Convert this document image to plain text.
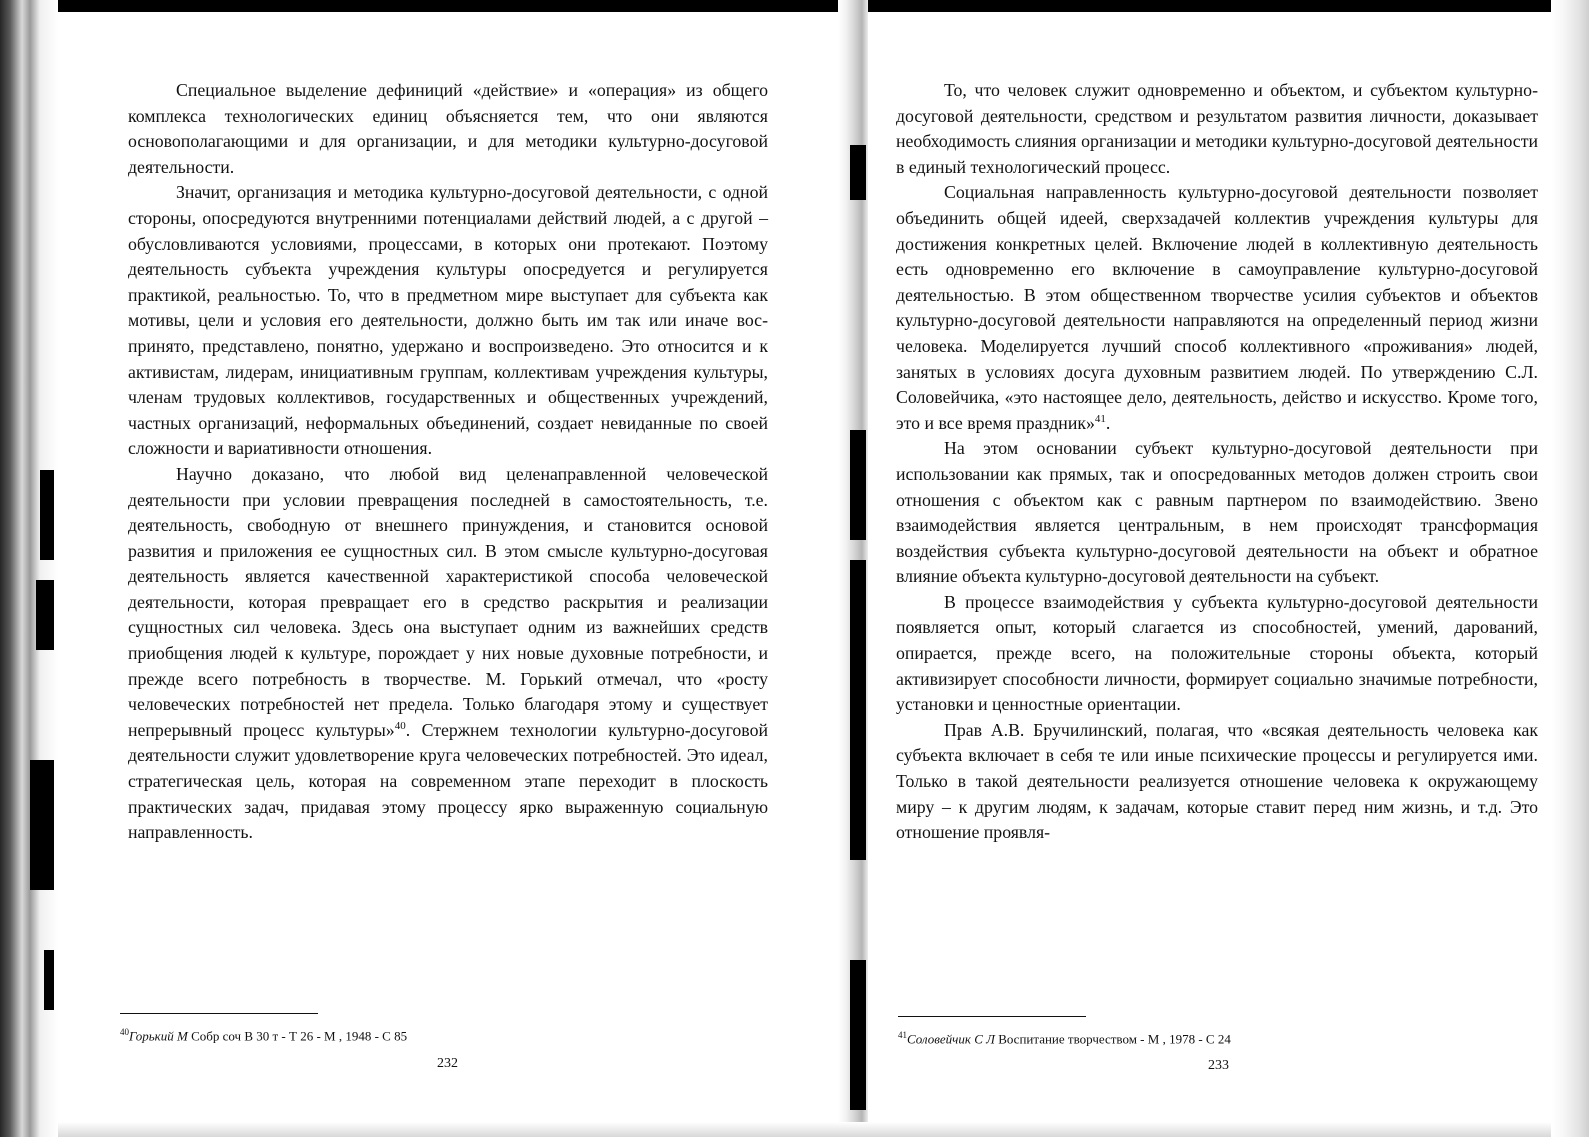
Специальное выделение дефиниций «действие» и «операция» из общего комплекса технологических единиц объясняется тем, что они являются основополагающими и для организации, и для методики культурно-досуговой деятельности.

Значит, организация и методика культурно-досуговой деятельности, с одной стороны, опосредуются внутренними потенциалами действий людей, а с другой – обусловливаются условиями, процессами, в которых они протекают. Поэтому деятельность субъекта учреждения культуры опосредуется и регулируется практикой, реальностью. То, что в предметном мире выступает для субъекта как мотивы, цели и условия его деятельности, должно быть им так или иначе воспринято, представлено, понятно, удержано и воспроизведено. Это относится и к активистам, лидерам, инициативным группам, коллективам учреждения культуры, членам трудовых коллективов, государственных и общественных учреждений, частных организаций, неформальных объединений, создает невиданные по своей сложности и вариативности отношения.

Научно доказано, что любой вид целенаправленной человеческой деятельности при условии превращения последней в самостоятельность, т.е. деятельность, свободную от внешнего принуждения, и становится основой развития и приложения ее сущностных сил. В этом смысле культурно-досуговая деятельность является качественной характеристикой способа человеческой деятельности, которая превращает его в средство раскрытия и реализации сущностных сил человека. Здесь она выступает одним из важнейших средств приобщения людей к культуре, порождает у них новые духовные потребности, и прежде всего потребность в творчестве. М. Горький отмечал, что «росту человеческих потребностей нет предела. Только благодаря этому и существует непрерывный процесс культуры»$^{40}$. Стержнем технологии культурно-досуговой деятельности служит удовлетворение круга человеческих потребностей. Это идеал, стратегическая цель, которая на современном этапе переходит в плоскость практических задач, придавая этому процессу ярко выраженную социальную направленность.

$^{40}$Горький М Собр соч В 30 т - Т 26 - М , 1948 - С 85
232

То, что человек служит одновременно и объектом, и субъектом культурно-досуговой деятельности, средством и результатом развития личности, доказывает необходимость слияния организации и методики культурно-досуговой деятельности в единый технологический процесс.

Социальная направленность культурно-досуговой деятельности позволяет объединить общей идеей, сверхзадачей коллектив учреждения культуры для достижения конкретных целей. Включение людей в коллективную деятельность есть одновременно его включение в самоуправление культурно-досуговой деятельностью. В этом общественном творчестве усилия субъектов и объектов культурно-досуговой деятельности направляются на определенный период жизни человека. Моделируется лучший способ коллективного «проживания» людей, занятых в условиях досуга духовным развитием людей. По утверждению С.Л. Соловейчика, «это настоящее дело, деятельность, действо и искусство. Кроме того, это и все время праздник»$^{41}$.

На этом основании субъект культурно-досуговой деятельности при использовании как прямых, так и опосредованных методов должен строить свои отношения с объектом как с равным партнером по взаимодействию. Звено взаимодействия является центральным, в нем происходят трансформация воздействия субъекта культурно-досуговой деятельности на объект и обратное влияние объекта культурно-досуговой деятельности на субъект.

В процессе взаимодействия у субъекта культурно-досуговой деятельности появляется опыт, который слагается из способностей, умений, дарований, опирается, прежде всего, на положительные стороны объекта, который активизирует способности личности, формирует социально значимые потребности, установки и ценностные ориентации.

Прав А.В. Бручилинский, полагая, что «всякая деятельность человека как субъекта включает в себя те или иные психические процессы и регулируется ими. Только в такой деятельности реализуется отношение человека к окружающему миру – к другим людям, к задачам, которые ставит перед ним жизнь, и т.д. Это отношение проявля-

$^{41}$Соловейчик С Л Воспитание творчеством - М , 1978 - С 24
233
